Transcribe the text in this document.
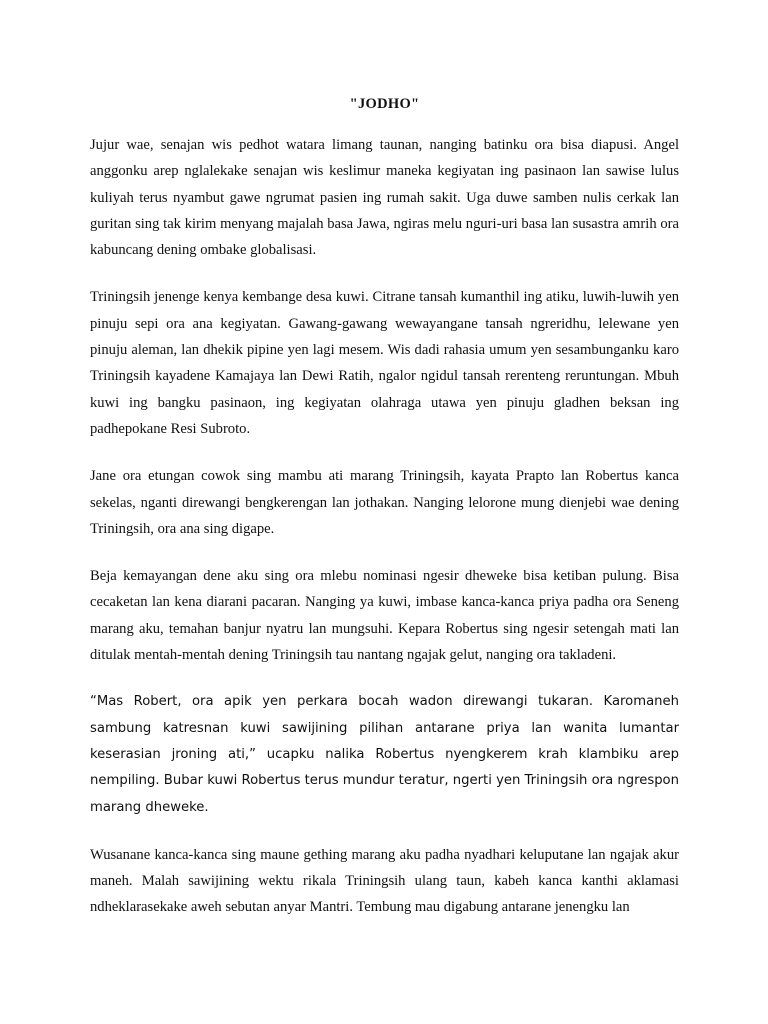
"JODHO"

Jujur wae, senajan wis pedhot watara limang taunan, nanging batinku ora bisa diapusi. Angel anggonku arep nglalekake senajan wis keslimur maneka kegiyatan ing pasinaon lan sawise lulus kuliyah terus nyambut gawe ngrumat pasien ing rumah sakit. Uga duwe samben nulis cerkak lan guritan sing tak kirim menyang majalah basa Jawa, ngiras melu nguri-uri basa lan susastra amrih ora kabuncang dening ombake globalisasi.

Triningsih jenenge kenya kembange desa kuwi. Citrane tansah kumanthil ing atiku, luwih-luwih yen pinuju sepi ora ana kegiyatan. Gawang-gawang wewayangane tansah ngreridhu, lelewane yen pinuju aleman, lan dhekik pipine yen lagi mesem. Wis dadi rahasia umum yen sesambunganku karo Triningsih kayadene Kamajaya lan Dewi Ratih, ngalor ngidul tansah rerenteng reruntungan. Mbuh kuwi ing bangku pasinaon, ing kegiyatan olahraga utawa yen pinuju gladhen beksan ing padhepokane Resi Subroto.

Jane ora etungan cowok sing mambu ati marang Triningsih, kayata Prapto lan Robertus kanca sekelas, nganti direwangi bengkerengan lan jothakan. Nanging lelorone mung dienjebi wae dening Triningsih, ora ana sing digape.

Beja kemayangan dene aku sing ora mlebu nominasi ngesir dheweke bisa ketiban pulung. Bisa cecaketan lan kena diarani pacaran. Nanging ya kuwi, imbase kanca-kanca priya padha ora Seneng marang aku, temahan banjur nyatru lan mungsuhi. Kepara Robertus sing ngesir setengah mati lan ditulak mentah-mentah dening Triningsih tau nantang ngajak gelut, nanging ora takladeni.

“Mas Robert, ora apik yen perkara bocah wadon direwangi tukaran. Karomaneh sambung katresnan kuwi sawijining pilihan antarane priya lan wanita lumantar keserasian jroning ati,” ucapku nalika Robertus nyengkerem krah klambiku arep nempiling. Bubar kuwi Robertus terus mundur teratur, ngerti yen Triningsih ora ngrespon marang dheweke.

Wusanane kanca-kanca sing maune gething marang aku padha nyadhari keluputane lan ngajak akur maneh. Malah sawijining wektu rikala Triningsih ulang taun, kabeh kanca kanthi aklamasi ndheklarasekake aweh sebutan anyar Mantri. Tembung mau digabung antarane jenengku lan
